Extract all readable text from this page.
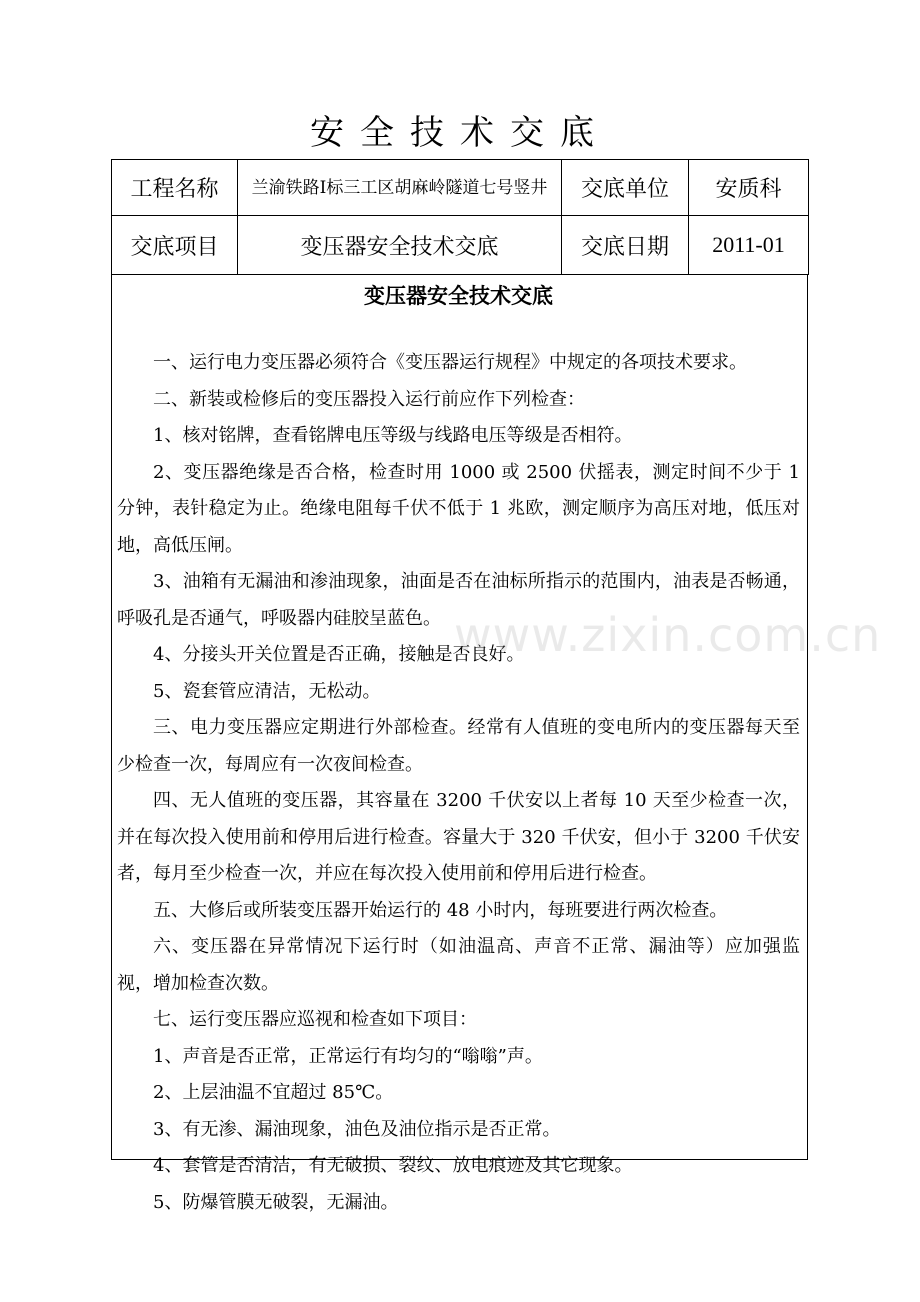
安全技术交底
工程名称	兰渝铁路Ⅰ标三工区胡麻岭隧道七号竖井	交底单位	安质科
交底项目	变压器安全技术交底	交底日期	2011-01
变压器安全技术交底

一、运行电力变压器必须符合《变压器运行规程》中规定的各项技术要求。

二、新装或检修后的变压器投入运行前应作下列检查：

1、核对铭牌，查看铭牌电压等级与线路电压等级是否相符。

2、变压器绝缘是否合格，检查时用 1000 或 2500 伏摇表，测定时间不少于 1 分钟，表针稳定为止。绝缘电阻每千伏不低于 1 兆欧，测定顺序为高压对地，低压对地，高低压闸。

3、油箱有无漏油和渗油现象，油面是否在油标所指示的范围内，油表是否畅通，呼吸孔是否通气，呼吸器内硅胶呈蓝色。

4、分接头开关位置是否正确，接触是否良好。

5、瓷套管应清洁，无松动。

三、电力变压器应定期进行外部检查。经常有人值班的变电所内的变压器每天至少检查一次，每周应有一次夜间检查。

四、无人值班的变压器，其容量在 3200 千伏安以上者每 10 天至少检查一次，并在每次投入使用前和停用后进行检查。容量大于 320 千伏安，但小于 3200 千伏安者，每月至少检查一次，并应在每次投入使用前和停用后进行检查。

五、大修后或所装变压器开始运行的 48 小时内，每班要进行两次检查。

六、变压器在异常情况下运行时（如油温高、声音不正常、漏油等）应加强监视，增加检查次数。

七、运行变压器应巡视和检查如下项目：

1、声音是否正常，正常运行有均匀的“嗡嗡”声。

2、上层油温不宜超过 85℃。

3、有无渗、漏油现象，油色及油位指示是否正常。

4、套管是否清洁，有无破损、裂纹、放电痕迹及其它现象。

5、防爆管膜无破裂，无漏油。

www.zixin.com.cn
